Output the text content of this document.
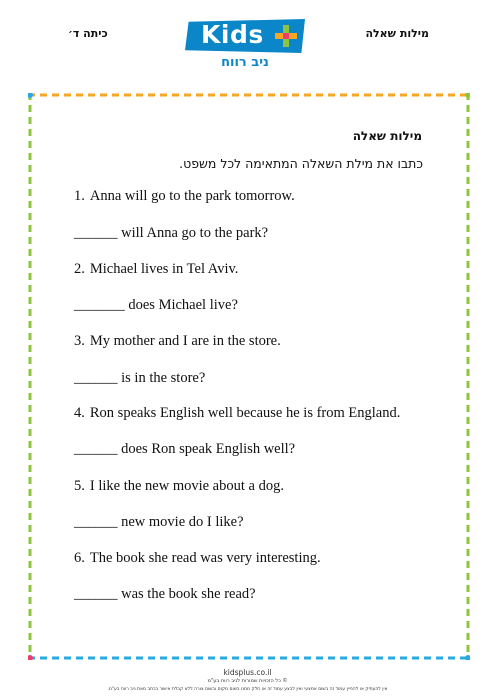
מילות שאלה
כיתה ד׳	Kids
ניב רווח
מילות שאלה
כתבו את מילת השאלה המתאימה לכל משפט.
1. Anna will go to the park tomorrow.
______ will Anna go to the park?
2. Michael lives in Tel Aviv.
_______ does Michael live?
3. My mother and I are in the store.
______ is in the store?
4. Ron speaks English well because he is from England.
______ does Ron speak English well?
5. I like the new movie about a dog.
______ new movie do I like?
6. The book she read was very interesting.
______ was the book she read?
kidsplus.co.il
© כל הזכויות שמורות לניב רווח בע"מ
אין להעתיק או להפיץ עמוד זה בשום אמצעי ואין לבצע עמוד זה או חלק ממנו בשום מקום ובשום צורה ללא קבלת אישור בכתב מאת ניב רווח בע"מ.
